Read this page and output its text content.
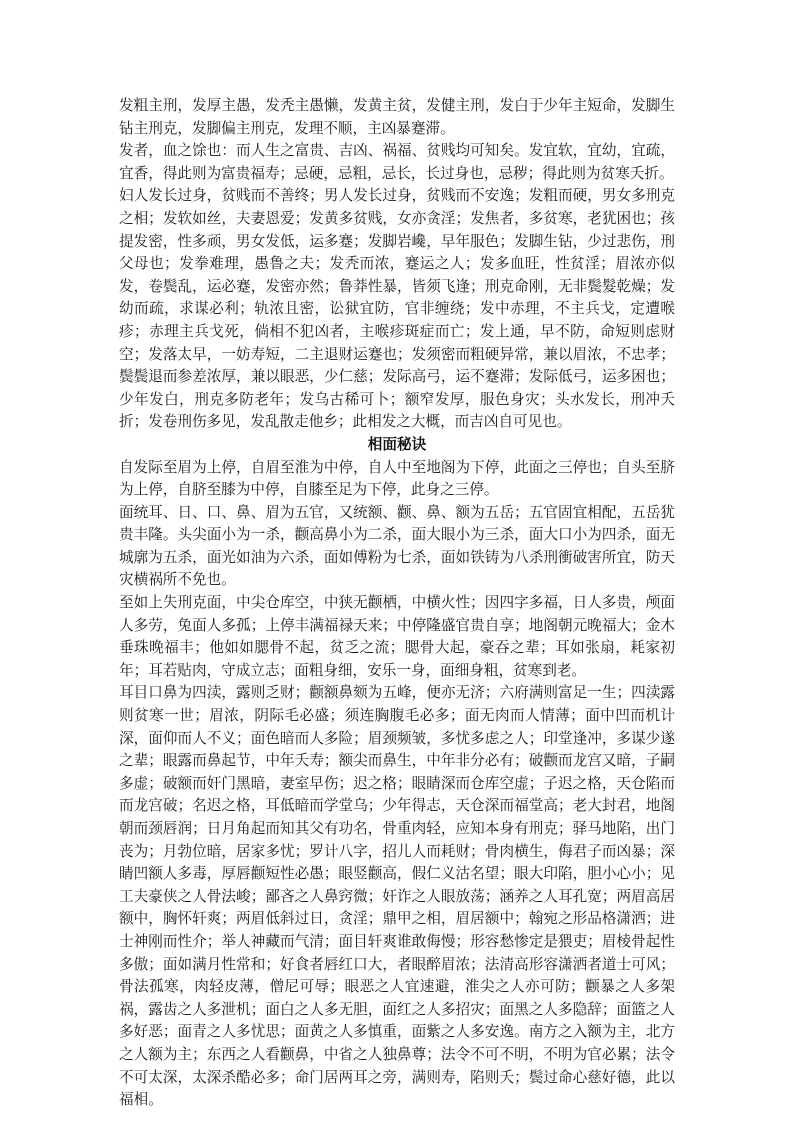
发粗主刑，发厚主愚，发秃主愚懒，发黄主贫，发健主刑，发白于少年主短命，发脚生钻主刑克，发脚偏主刑克，发理不顺，主凶暴蹇滞。

发者，血之馀也：而人生之富贵、吉凶、祸福、贫贱均可知矣。发宜软，宜幼，宜疏，宜香，得此则为富贵福寿；忌硬，忌粗，忌长，长过身也，忌秽；得此则为贫寒夭折。

妇人发长过身，贫贱而不善终；男人发长过身，贫贱而不安逸；发粗而硬，男女多刑克之相；发软如丝，夫妻恩爱；发黄多贫贱，女亦贪淫；发焦者，多贫寒，老犹困也；孩提发密，性多顽，男女发低，运多蹇；发脚岩巉，早年服色；发脚生钻，少过悲伤，刑父母也；发拳难理，愚鲁之夫；发秃而浓，蹇运之人；发多血旺，性贫淫；眉浓亦似发，卷鬓乱，运必蹇，发密亦然；鲁莽性暴，皆须飞逢；刑克命刚，无非鬓髮乾燥；发幼而疏，求谋必利；轨浓且密，讼狱宜防，官非缠绕；发中赤理，不主兵戈，定遭喉疹；赤理主兵戈死，倘相不犯凶者，主喉疹斑症而亡；发上通，早不防，命短则虑财空；发落太早，一妨寿短，二主退财运蹇也；发须密而粗硬异常，兼以眉浓，不忠孝；鬓鬓退而参差浓厚，兼以眼恶，少仁慈；发际高弓，运不蹇滞；发际低弓，运多困也；少年发白，刑克多防老年；发乌古稀可卜；额窄发厚，服色身灾；头水发长，刑冲夭折；发卷刑伤多见，发乱散走他乡；此相发之大概，而吉凶自可见也。

相面秘诀

自发际至眉为上停，自眉至淮为中停，自人中至地阁为下停，此面之三停也；自头至脐为上停，自脐至膝为中停，自膝至足为下停，此身之三停。

面统耳、日、口、鼻、眉为五官，又统额、颧、鼻、额为五岳；五官固宜相配，五岳犹贵丰隆。头尖面小为一杀，颧高鼻小为二杀，面大眼小为三杀，面大口小为四杀，面无城廓为五杀，面光如油为六杀，面如傅粉为七杀，面如铁铸为八杀刑衝破害所宜，防天灾横祸所不免也。

至如上失刑克面，中尖仓库空，中狭无颧栖，中横火性；因四字多福，日人多贵，颅面人多劳，兔面人多孤；上停丰满福禄天来；中停隆盛官贵自享；地阁朝元晚福大；金木垂珠晚福丰；他如如腮骨不起，贫乏之流；腮骨大起，豪吞之辈；耳如张扇，耗家初年；耳若贴肉，守成立志；面粗身细，安乐一身，面细身粗，贫寒到老。

耳目口鼻为四渎，露则乏财；颧额鼻颏为五峰，便亦无济；六府满则富足一生；四渎露则贫寒一世；眉浓，阴际毛必盛；须连胸腹毛必多；面无肉而人情薄；面中凹而机计深，面仰而人不义；面色暗而人多险；眉颈频皱，多忧多虑之人；印堂逢冲，多谋少遂之辈；眼露而鼻起节，中年夭寿；额尖而鼻生，中年非分必有；破颧而龙宫又暗，子嗣多虚；破额而奸门黑暗，妻室早伤；迟之格；眼睛深而仓库空虚；子迟之格，天仓陷而而龙宫破；名迟之格，耳低暗而学堂乌；少年得志，天仓深而福堂高；老大封君，地阁朝而颈唇润；日月角起而知其父有功名，骨重肉轻，应知本身有刑克；驿马地陷，出门丧为；月勃位暗，居家多忧；罗计八字，招儿人而耗财；骨肉横生，侮君子而凶暴；深睛凹额人多毒，厚唇颧短性必愚；眼竖颧高，假仁义沽名望；眼大印陷，胆小心小；见工夫豪侠之人骨法峻；鄙吝之人鼻窍微；奸诈之人眼放荡；涵养之人耳孔宽；两眉高居额中，胸怀轩爽；两眉低斜过日，贪淫；鼎甲之相，眉居额中；翰宛之形品格潇洒；进士神刚而性介；举人神藏而气清；面目轩爽谁敢侮慢；形容愁惨定是猥吏；眉棱骨起性多傲；面如满月性常和；好食者唇红口大，者眼醉眉浓；法清高形容潇洒者道士可风；骨法孤寒，肉轻皮薄，僧尼可辱；眼恶之人宜速避，淮尖之人亦可防；颧暴之人多架祸，露齿之人多泄机；面白之人多无胆，面红之人多招灾；面黑之人多隐辞；面篮之人多好恶；面青之人多忧思；面黄之人多慎重，面紫之人多安逸。南方之入额为主，北方之人额为主；东西之人看颧鼻，中省之人独鼻尊；法令不可不明，不明为官必累；法令不可太深，太深杀酷必多；命门居两耳之旁，满则寿，陷则夭；鬓过命心慈好德，此以福相。
